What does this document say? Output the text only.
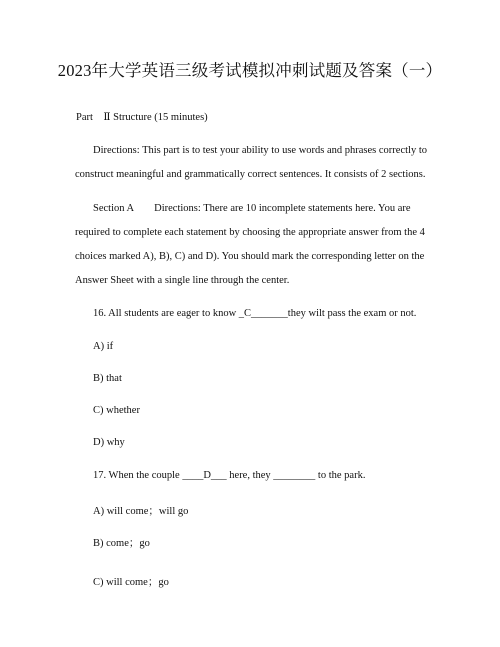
2023年大学英语三级考试模拟冲刺试题及答案（一）
Part　Ⅱ Structure (15 minutes)
Directions: This part is to test your ability to use words and phrases correctly to
construct meaningful and grammatically correct sentences. It consists of 2 sections.
Section A Directions: There are 10 incomplete statements here. You are
required to complete each statement by choosing the appropriate answer from the 4
choices marked A), B), C) and D). You should mark the corresponding letter on the
Answer Sheet with a single line through the center.
16. All students are eager to know _C_______they wilt pass the exam or not.
A) if
B) that
C) whether
D) why
17. When the couple ____D___ here, they ________ to the park.
A) will come；will go
B) come；go
C) will come；go
